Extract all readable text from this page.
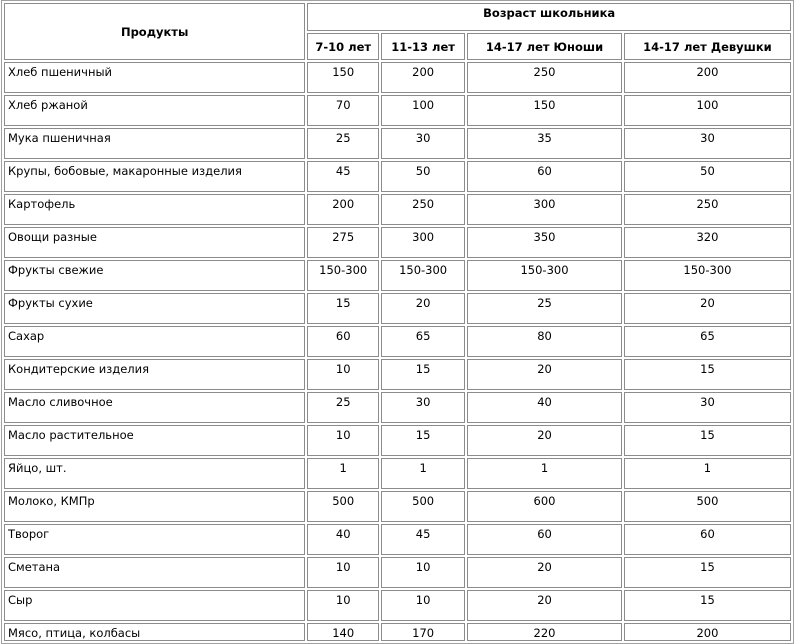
Продукты	Возраст школьника			
	7-10 лет	11-13 лет	14-17 лет Юноши	14-17 лет Девушки
Хлеб пшеничный	150	200	250	200
Хлеб ржаной	70	100	150	100
Мука пшеничная	25	30	35	30
Крупы, бобовые, макаронные изделия	45	50	60	50
Картофель	200	250	300	250
Овощи разные	275	300	350	320
Фрукты свежие	150-300	150-300	150-300	150-300
Фрукты сухие	15	20	25	20
Сахар	60	65	80	65
Кондитерские изделия	10	15	20	15
Масло сливочное	25	30	40	30
Масло растительное	10	15	20	15
Яйцо, шт.	1	1	1	1
Молоко, КМПр	500	500	600	500
Творог	40	45	60	60
Сметана	10	10	20	15
Сыр	10	10	20	15
Мясо, птица, колбасы	140	170	220	200
